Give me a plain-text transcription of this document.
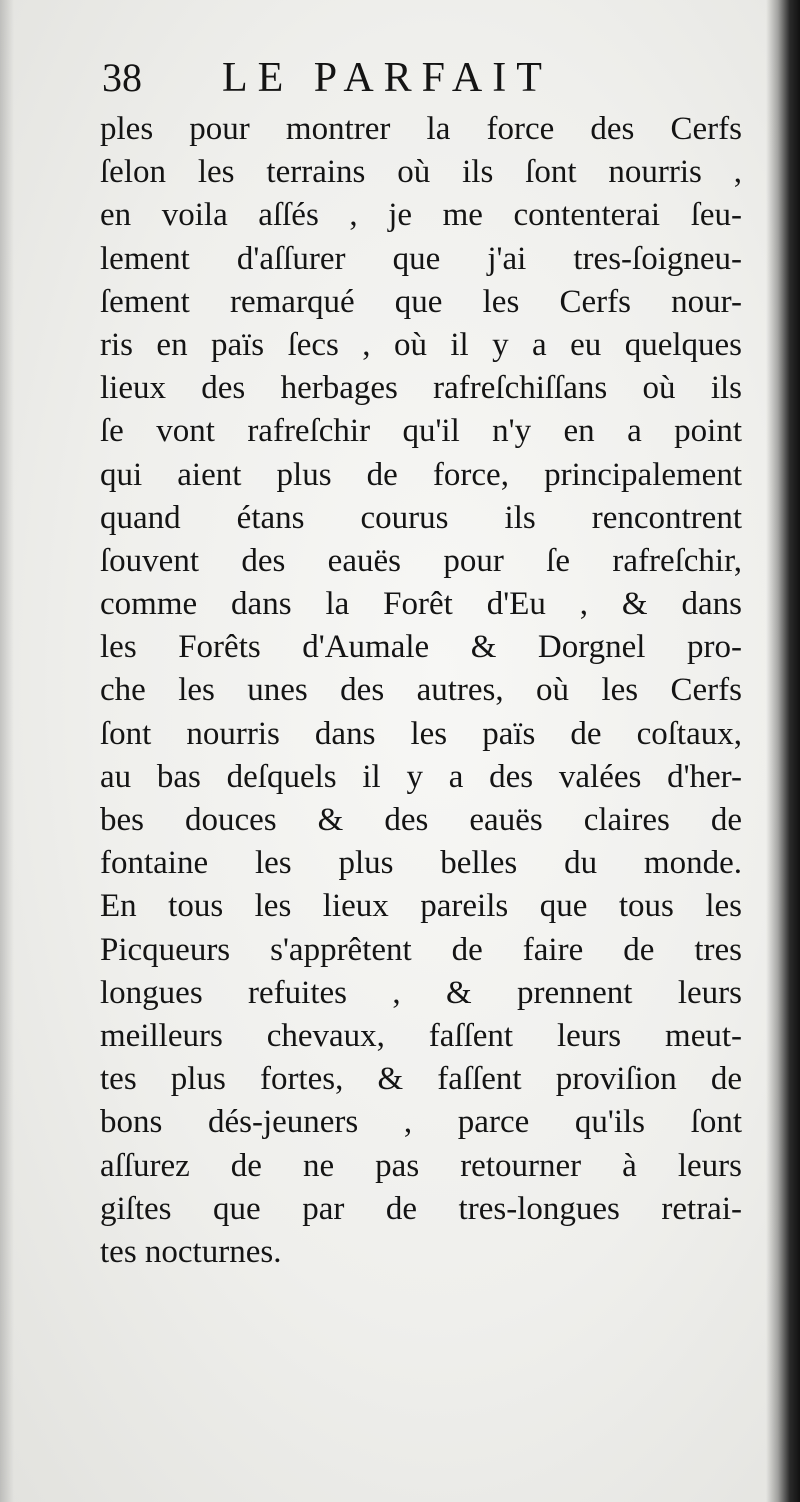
38 LE PARFAIT
ples pour montrer la force des Cerfs
ſelon les terrains où ils ſont nourris ,
en voila aſſés , je me contenterai ſeu-
lement d'aſſurer que j'ai tres-ſoigneu-
ſement remarqué que les Cerfs nour-
ris en païs ſecs , où il y a eu quelques
lieux des herbages rafreſchiſſans où ils
ſe vont rafreſchir qu'il n'y en a point
qui aient plus de force, principalement
quand étans courus ils rencontrent
ſouvent des eauës pour ſe rafreſchir,
comme dans la Forêt d'Eu , & dans
les Forêts d'Aumale & Dorgnel pro-
che les unes des autres, où les Cerfs
ſont nourris dans les païs de coſtaux,
au bas deſquels il y a des valées d'her-
bes douces & des eauës claires de
fontaine les plus belles du monde.
En tous les lieux pareils que tous les
Picqueurs s'apprêtent de faire de tres
longues refuites , & prennent leurs
meilleurs chevaux, faſſent leurs meut-
tes plus fortes, & faſſent proviſion de
bons dés-jeuners , parce qu'ils ſont
aſſurez de ne pas retourner à leurs
giſtes que par de tres-longues retrai-
tes nocturnes.
